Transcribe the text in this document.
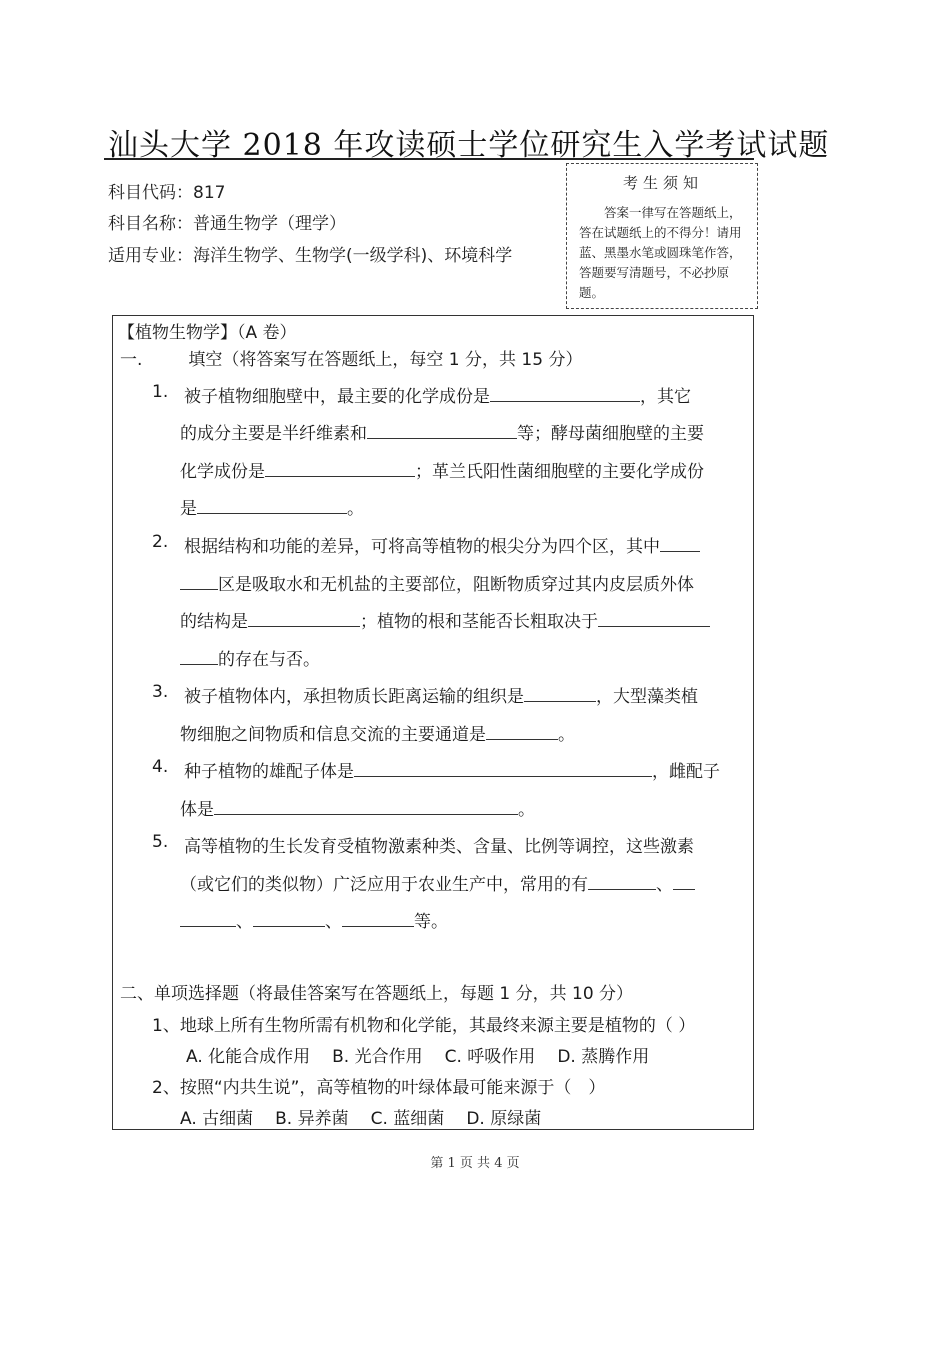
汕头大学 2018 年攻读硕士学位研究生入学考试试题
科目代码：817
科目名称：普通生物学（理学）
适用专业：海洋生物学、生物学(一级学科)、环境科学
考生须知
答案一律写在答题纸上，答在试题纸上的不得分！请用蓝、黑墨水笔或圆珠笔作答，答题要写清题号，不必抄原题。
【植物生物学】（A 卷）
一.	填空（将答案写在答题纸上，每空 1 分，共 15 分）
1. 被子植物细胞壁中，最主要的化学成份是	，其它
的成分主要是半纤维素和	等；酵母菌细胞壁的主要
化学成份是	；革兰氏阳性菌细胞壁的主要化学成份
是	。
2. 根据结构和功能的差异，可将高等植物的根尖分为四个区，其中
区是吸取水和无机盐的主要部位，阻断物质穿过其内皮层质外体
的结构是	；植物的根和茎能否长粗取决于
的存在与否。
3. 被子植物体内，承担物质长距离运输的组织是	，大型藻类植
物细胞之间物质和信息交流的主要通道是	。
4. 种子植物的雄配子体是	，雌配子
体是	。
5. 高等植物的生长发育受植物激素种类、含量、比例等调控，这些激素
（或它们的类似物）广泛应用于农业生产中，常用的有	、
、	、	等。
二、单项选择题（将最佳答案写在答题纸上，每题 1 分，共 10 分）
1、地球上所有生物所需有机物和化学能，其最终来源主要是植物的（ ）
A. 化能合成作用 B. 光合作用 C. 呼吸作用 D. 蒸腾作用
2、按照“内共生说”，高等植物的叶绿体最可能来源于（　）
A. 古细菌 B. 异养菌 C. 蓝细菌 D. 原绿菌
第 1 页 共 4 页
